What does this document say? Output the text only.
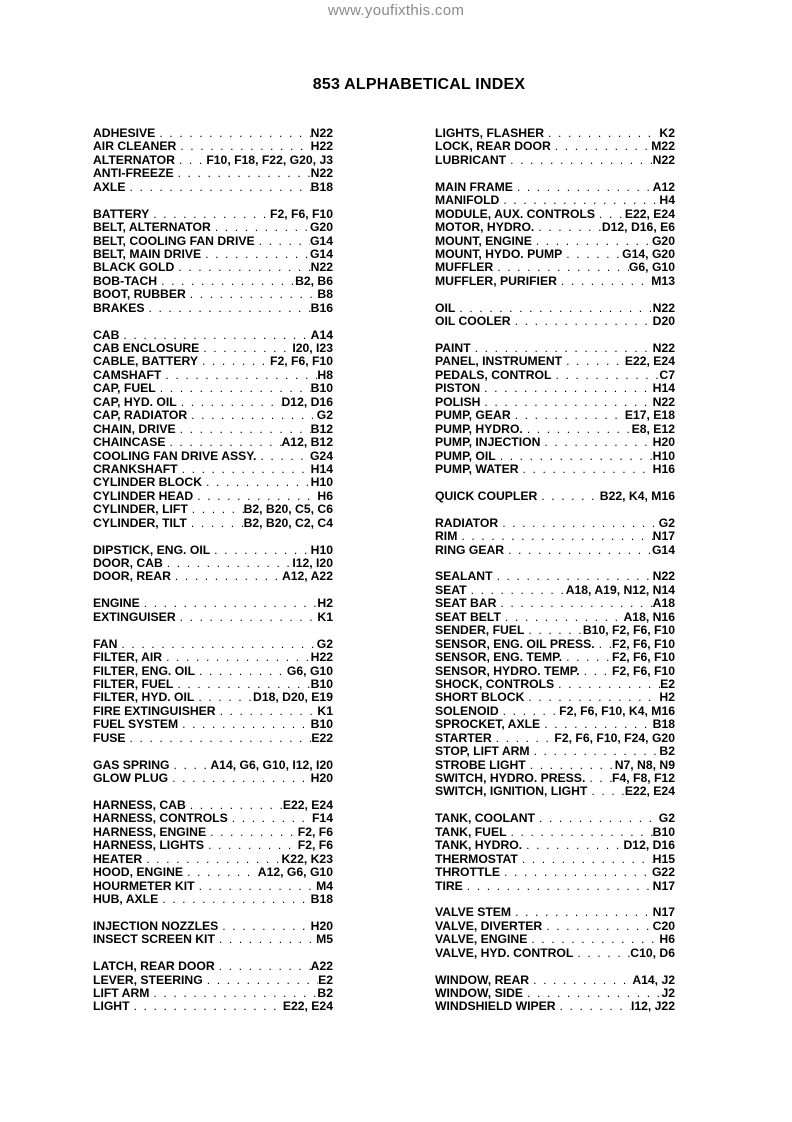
www.youfixthis.com
853 ALPHABETICAL INDEX
ADHESIVE . . .	N22
AIR CLEANER . . .	H22
ALTERNATOR . . .	F10, F18, F22, G20, J3
ANTI-FREEZE . . .	N22
AXLE . . .	B18
BATTERY . . .	F2, F6, F10
BELT, ALTERNATOR . . .	G20
BELT, COOLING FAN DRIVE . . .	G14
BELT, MAIN DRIVE . . .	G14
BLACK GOLD . . .	N22
BOB-TACH . . .	B2, B6
BOOT, RUBBER . . .	B8
BRAKES . . .	B16
CAB . . .	A14
CAB ENCLOSURE . . .	I20, I23
CABLE, BATTERY . . .	F2, F6, F10
CAMSHAFT . . .	H8
CAP, FUEL . . .	B10
CAP, HYD. OIL . . .	D12, D16
CAP, RADIATOR . . .	G2
CHAIN, DRIVE . . .	B12
CHAINCASE . . .	A12, B12
COOLING FAN DRIVE ASSY. . . .	G24
CRANKSHAFT . . .	H14
CYLINDER BLOCK . . .	H10
CYLINDER HEAD . . .	H6
CYLINDER, LIFT . . .	B2, B20, C5, C6
CYLINDER, TILT . . .	B2, B20, C2, C4
DIPSTICK, ENG. OIL . . .	H10
DOOR, CAB . . .	I12, I20
DOOR, REAR . . .	A12, A22
ENGINE . . .	H2
EXTINGUISER . . .	K1
FAN . . .	G2
FILTER, AIR . . .	H22
FILTER, ENG. OIL . . .	G6, G10
FILTER, FUEL . . .	B10
FILTER, HYD. OIL . . .	D18, D20, E19
FIRE EXTINGUISHER . . .	K1
FUEL SYSTEM . . .	B10
FUSE . . .	E22
GAS SPRING . . .	A14, G6, G10, I12, I20
GLOW PLUG . . .	H20
HARNESS, CAB . . .	E22, E24
HARNESS, CONTROLS . . .	F14
HARNESS, ENGINE . . .	F2, F6
HARNESS, LIGHTS . . .	F2, F6
HEATER . . .	K22, K23
HOOD, ENGINE . . .	A12, G6, G10
HOURMETER KIT . . .	M4
HUB, AXLE . . .	B18
INJECTION NOZZLES . . .	H20
INSECT SCREEN KIT . . .	M5
LATCH, REAR DOOR . . .	A22
LEVER, STEERING . . .	E2
LIFT ARM . . .	B2
LIGHT . . .	E22, E24
LIGHTS, FLASHER . . .	K2
LOCK, REAR DOOR . . .	M22
LUBRICANT . . .	N22
MAIN FRAME . . .	A12
MANIFOLD . . .	H4
MODULE, AUX. CONTROLS . . . E22, E24
MOTOR, HYDRO. . . .	D12, D16, E6
MOUNT, ENGINE . . .	G20
MOUNT, HYDO. PUMP . . .	G14, G20
MUFFLER . . .	G6, G10
MUFFLER, PURIFIER . . .	M13
OIL . . .	N22
OIL COOLER . . .	D20
PAINT . . .	N22
PANEL, INSTRUMENT . . .	E22, E24
PEDALS, CONTROL . . .	C7
PISTON . . .	H14
POLISH . . .	N22
PUMP, GEAR . . .	E17, E18
PUMP, HYDRO. . . .	E8, E12
PUMP, INJECTION . . .	H20
PUMP, OIL . . .	H10
PUMP, WATER . . .	H16
QUICK COUPLER . . .	B22, K4, M16
RADIATOR . . .	G2
RIM . . .	N17
RING GEAR . . .	G14
SEALANT . . .	N22
SEAT . . .	A18, A19, N12, N14
SEAT BAR . . .	A18
SEAT BELT . . .	A18, N16
SENDER, FUEL . . .	B10, F2, F6, F10
SENSOR, ENG. OIL PRESS. . . . F2, F6, F10
SENSOR, ENG. TEMP. . . .	F2, F6, F10
SENSOR, HYDRO. TEMP. . . .	F2, F6, F10
SHOCK, CONTROLS . . .	E2
SHORT BLOCK . . .	H2
SOLENOID . . .	F2, F6, F10, K4, M16
SPROCKET, AXLE . . .	B18
STARTER . . .	F2, F6, F10, F24, G20
STOP, LIFT ARM . . .	B2
STROBE LIGHT . . .	N7, N8, N9
SWITCH, HYDRO. PRESS. . . . F4, F8, F12
SWITCH, IGNITION, LIGHT . . .	E22, E24
TANK, COOLANT . . .	G2
TANK, FUEL . . .	B10
TANK, HYDRO. . . .	D12, D16
THERMOSTAT . . .	H15
THROTTLE . . .	G22
TIRE . . .	N17
VALVE STEM . . .	N17
VALVE, DIVERTER . . .	C20
VALVE, ENGINE . . .	H6
VALVE, HYD. CONTROL . . .	C10, D6
WINDOW, REAR . . .	A14, J2
WINDOW, SIDE . . .	J2
WINDSHIELD WIPER . . .	I12, J22
